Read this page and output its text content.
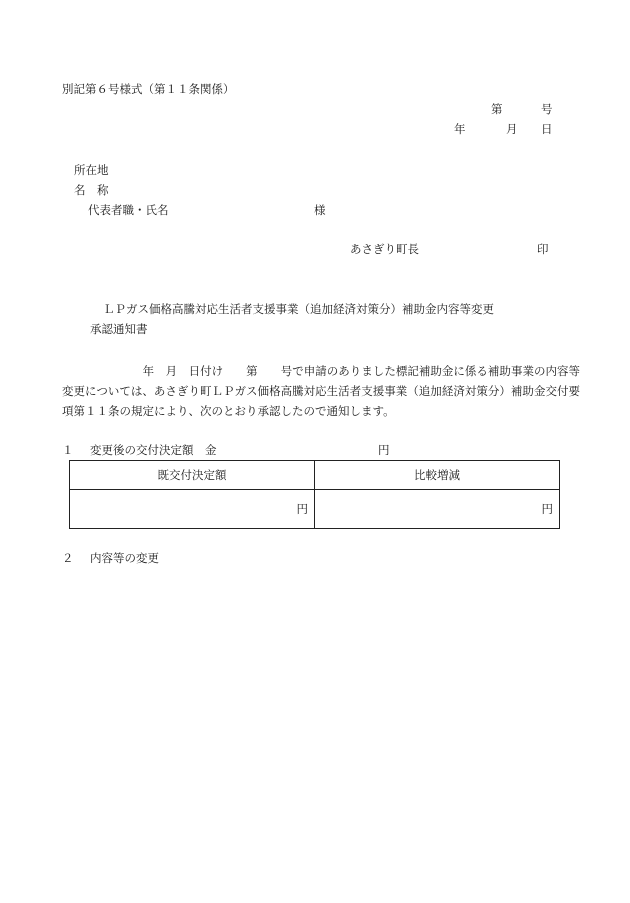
別記第６号様式（第１１条関係）
第	号
年	月 日
所在地
名　称
代表者職・氏名	様
あさぎり町長	印
ＬＰガス価格高騰対応生活者支援事業（追加経済対策分）補助金内容等変更
承認通知書
　　　　　　　年　月　日付け　　第　　号で申請のありました標記補助金に係る補助事業の内容等変更については、あさぎり町ＬＰガス価格高騰対応生活者支援事業（追加経済対策分）補助金交付要項第１１条の規定により、次のとおり承認したので通知します。
１ 変更後の交付決定額　金	円
既交付決定額	比較増減
円	円
２ 内容等の変更
